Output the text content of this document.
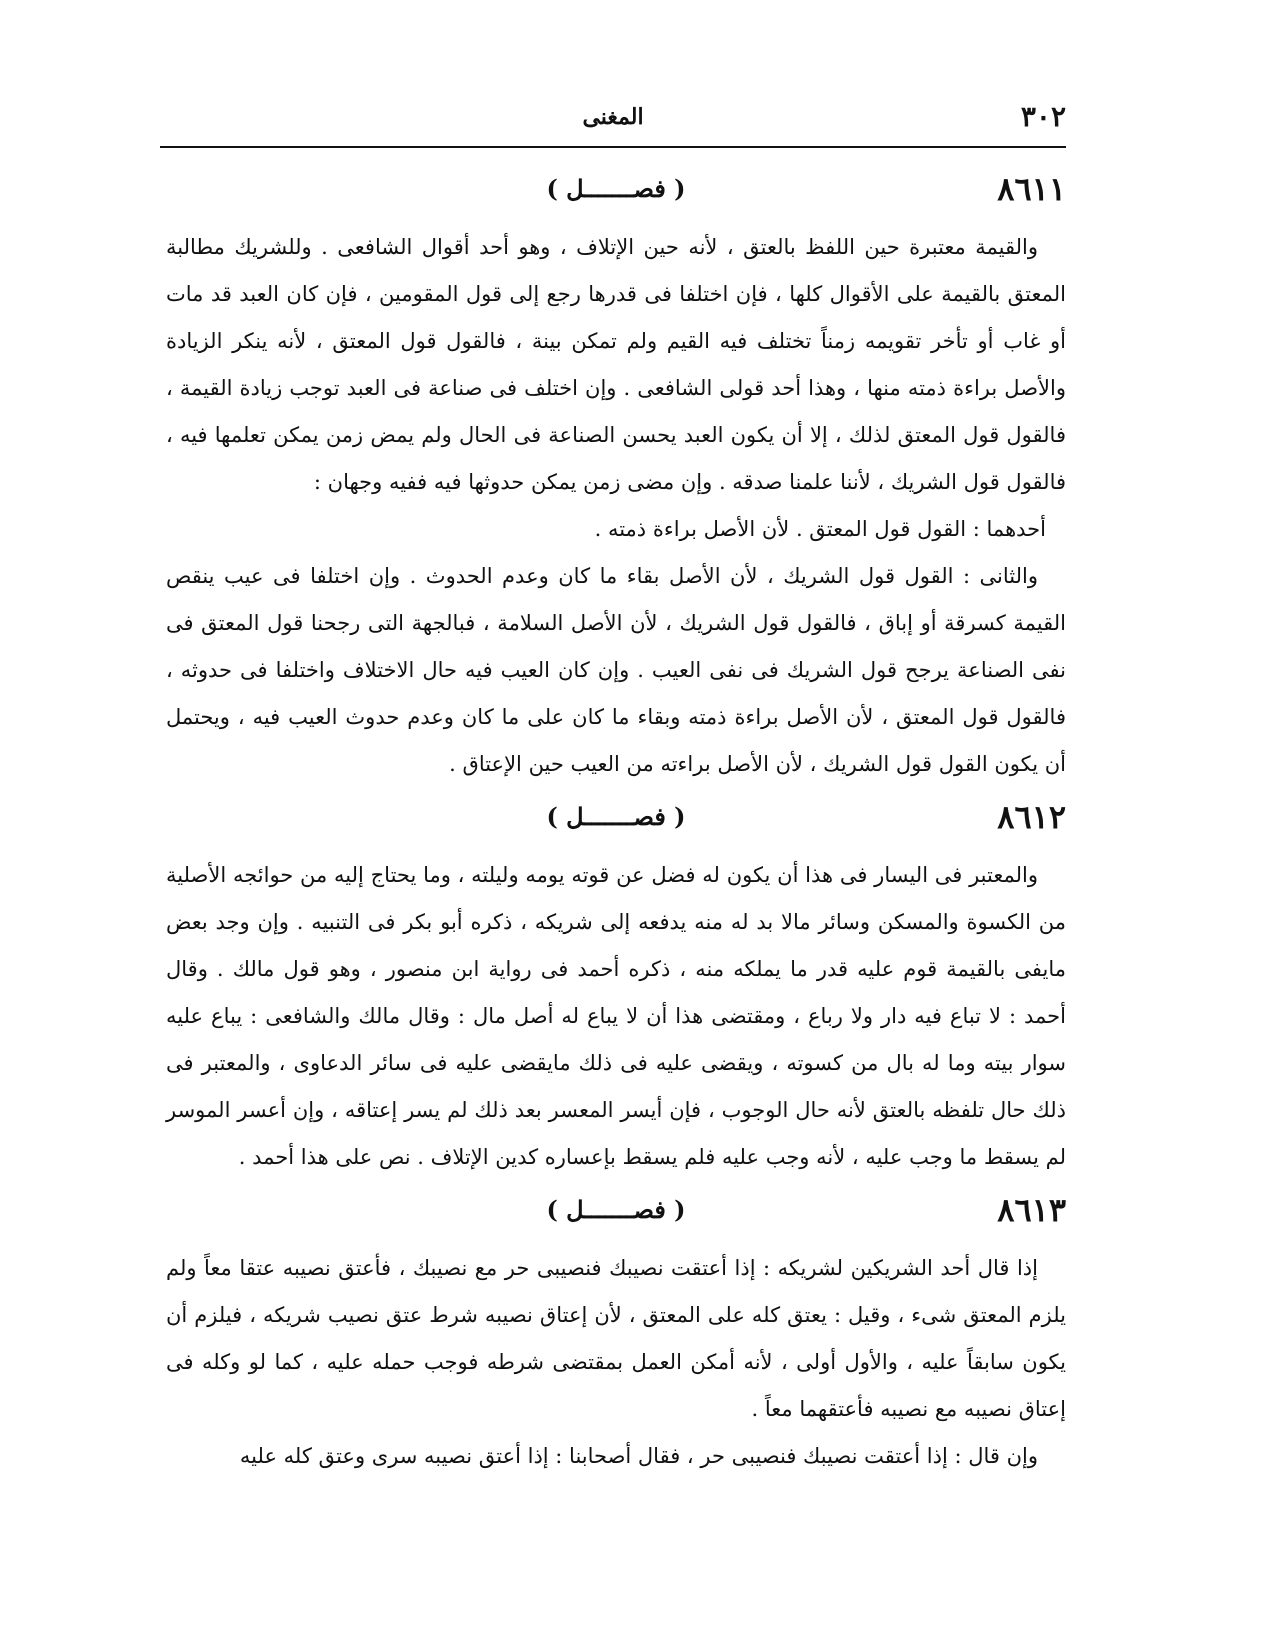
٣٠٢
المغنى
٨٦١١
( فصـــــــل )

والقيمة معتبرة حين اللفظ بالعتق ، لأنه حين الإتلاف ، وهو أحد أقوال الشافعى . وللشريك مطالبة المعتق بالقيمة على الأقوال كلها ، فإن اختلفا فى قدرها رجع إلى قول المقومين ، فإن كان العبد قد مات أو غاب أو تأخر تقويمه زمناً تختلف فيه القيم ولم تمكن بينة ، فالقول قول المعتق ، لأنه ينكر الزيادة والأصل براءة ذمته منها ، وهذا أحد قولى الشافعى . وإن اختلف فى صناعة فى العبد توجب زيادة القيمة ، فالقول قول المعتق لذلك ، إلا أن يكون العبد يحسن الصناعة فى الحال ولم يمض زمن يمكن تعلمها فيه ، فالقول قول الشريك ، لأننا علمنا صدقه . وإن مضى زمن يمكن حدوثها فيه ففيه وجهان :

أحدهما : القول قول المعتق . لأن الأصل براءة ذمته .

والثانى : القول قول الشريك ، لأن الأصل بقاء ما كان وعدم الحدوث . وإن اختلفا فى عيب ينقص القيمة كسرقة أو إباق ، فالقول قول الشريك ، لأن الأصل السلامة ، فبالجهة التى رجحنا قول المعتق فى نفى الصناعة يرجح قول الشريك فى نفى العيب . وإن كان العيب فيه حال الاختلاف واختلفا فى حدوثه ، فالقول قول المعتق ، لأن الأصل براءة ذمته وبقاء ما كان على ما كان وعدم حدوث العيب فيه ، ويحتمل أن يكون القول قول الشريك ، لأن الأصل براءته من العيب حين الإعتاق .

٨٦١٢
( فصـــــــل )

والمعتبر فى اليسار فى هذا أن يكون له فضل عن قوته يومه وليلته ، وما يحتاج إليه من حوائجه الأصلية من الكسوة والمسكن وسائر مالا بد له منه يدفعه إلى شريكه ، ذكره أبو بكر فى التنبيه . وإن وجد بعض مايفى بالقيمة قوم عليه قدر ما يملكه منه ، ذكره أحمد فى رواية ابن منصور ، وهو قول مالك . وقال أحمد : لا تباع فيه دار ولا رباع ، ومقتضى هذا أن لا يباع له أصل مال : وقال مالك والشافعى : يباع عليه سوار بيته وما له بال من كسوته ، ويقضى عليه فى ذلك مايقضى عليه فى سائر الدعاوى ، والمعتبر فى ذلك حال تلفظه بالعتق لأنه حال الوجوب ، فإن أيسر المعسر بعد ذلك لم يسر إعتاقه ، وإن أعسر الموسر لم يسقط ما وجب عليه ، لأنه وجب عليه فلم يسقط بإعساره كدين الإتلاف . نص على هذا أحمد .

٨٦١٣
( فصـــــــل )

إذا قال أحد الشريكين لشريكه : إذا أعتقت نصيبك فنصيبى حر مع نصيبك ، فأعتق نصيبه عتقا معاً ولم يلزم المعتق شىء ، وقيل : يعتق كله على المعتق ، لأن إعتاق نصيبه شرط عتق نصيب شريكه ، فيلزم أن يكون سابقاً عليه ، والأول أولى ، لأنه أمكن العمل بمقتضى شرطه فوجب حمله عليه ، كما لو وكله فى إعتاق نصيبه مع نصيبه فأعتقهما معاً .

وإن قال : إذا أعتقت نصيبك فنصيبى حر ، فقال أصحابنا : إذا أعتق نصيبه سرى وعتق كله عليه
